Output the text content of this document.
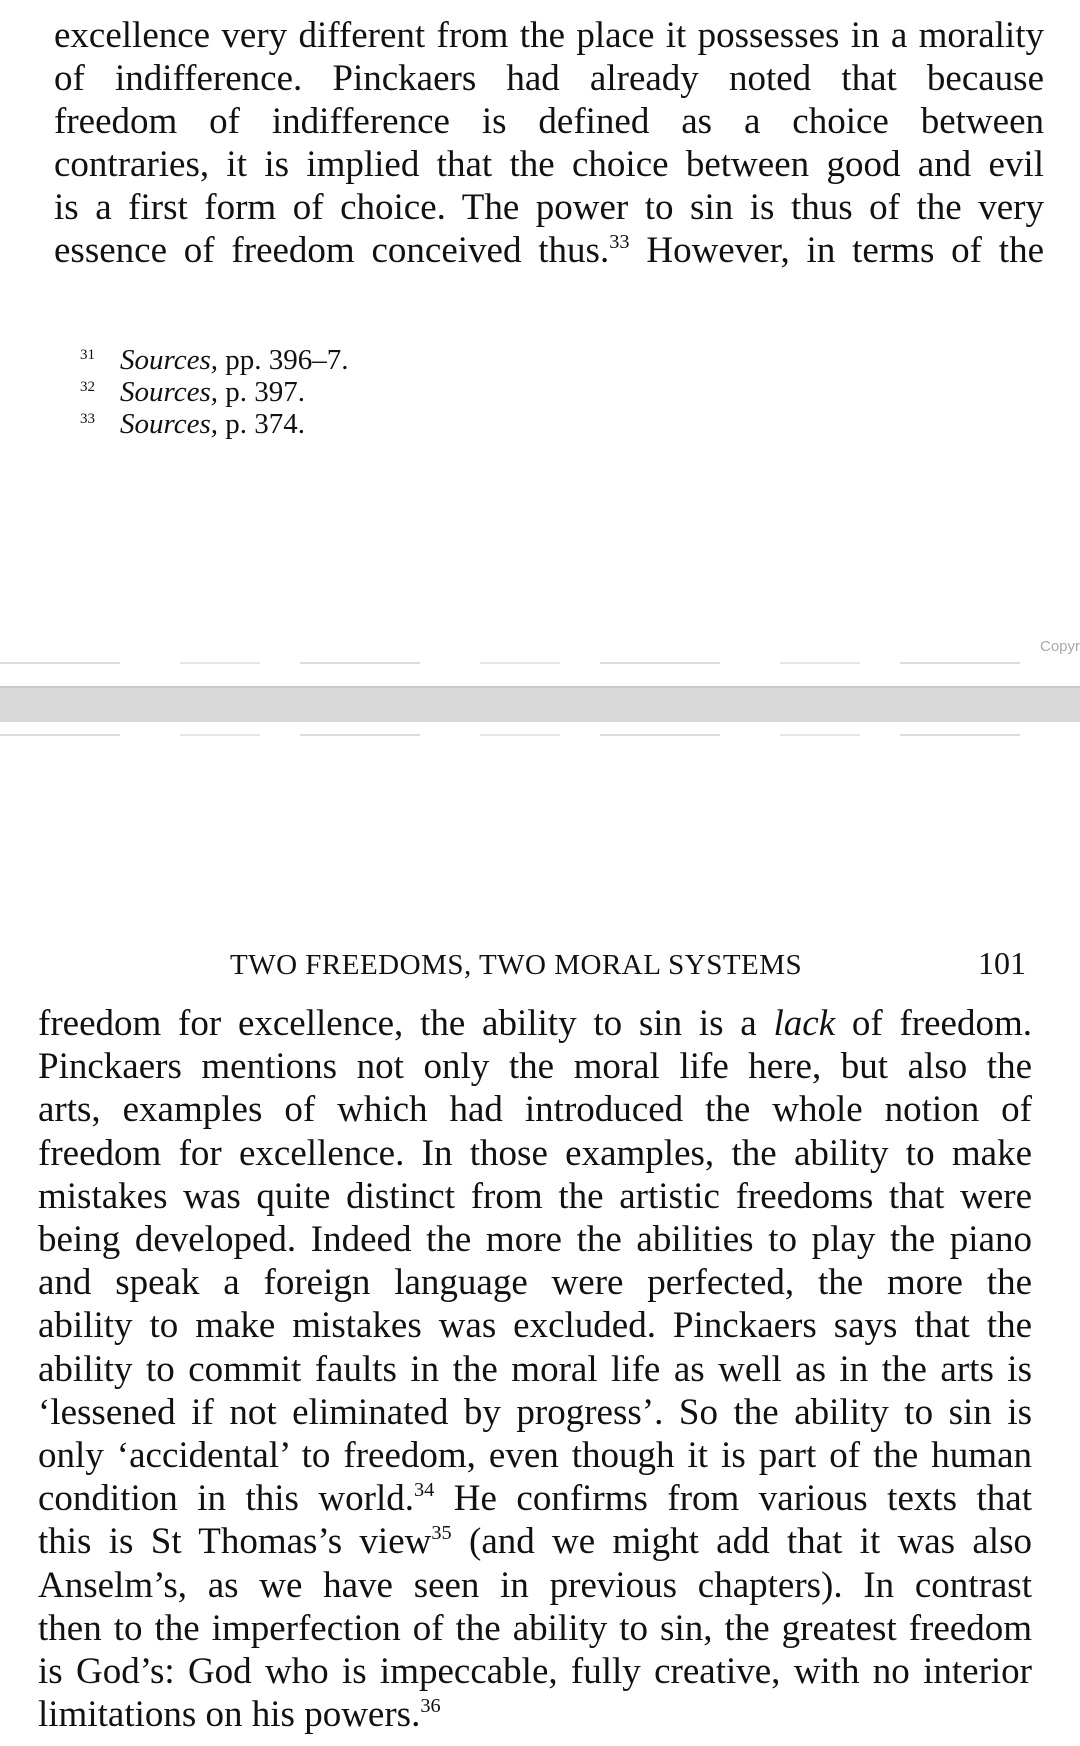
excellence very different from the place it possesses in a morality
of indifference. Pinckaers had already noted that because
freedom of indifference is defined as a choice between
contraries, it is implied that the choice between good and evil
is a first form of choice. The power to sin is thus of the very
essence of freedom conceived thus.$^{33}$ However, in terms of the

31 Sources, pp. 396–7.
32 Sources, p. 397.
33 Sources, p. 374.
Copyr
TWO FREEDOMS, TWO MORAL SYSTEMS	101

freedom for excellence, the ability to sin is a lack of freedom.
Pinckaers mentions not only the moral life here, but also the
arts, examples of which had introduced the whole notion of
freedom for excellence. In those examples, the ability to make
mistakes was quite distinct from the artistic freedoms that were
being developed. Indeed the more the abilities to play the piano
and speak a foreign language were perfected, the more the
ability to make mistakes was excluded. Pinckaers says that the
ability to commit faults in the moral life as well as in the arts is
‘lessened if not eliminated by progress’. So the ability to sin is
only ‘accidental’ to freedom, even though it is part of the human
condition in this world.$^{34}$ He confirms from various texts that
this is St Thomas’s view$^{35}$ (and we might add that it was also
Anselm’s, as we have seen in previous chapters). In contrast
then to the imperfection of the ability to sin, the greatest freedom
is God’s: God who is impeccable, fully creative, with no interior
limitations on his powers.$^{36}$
